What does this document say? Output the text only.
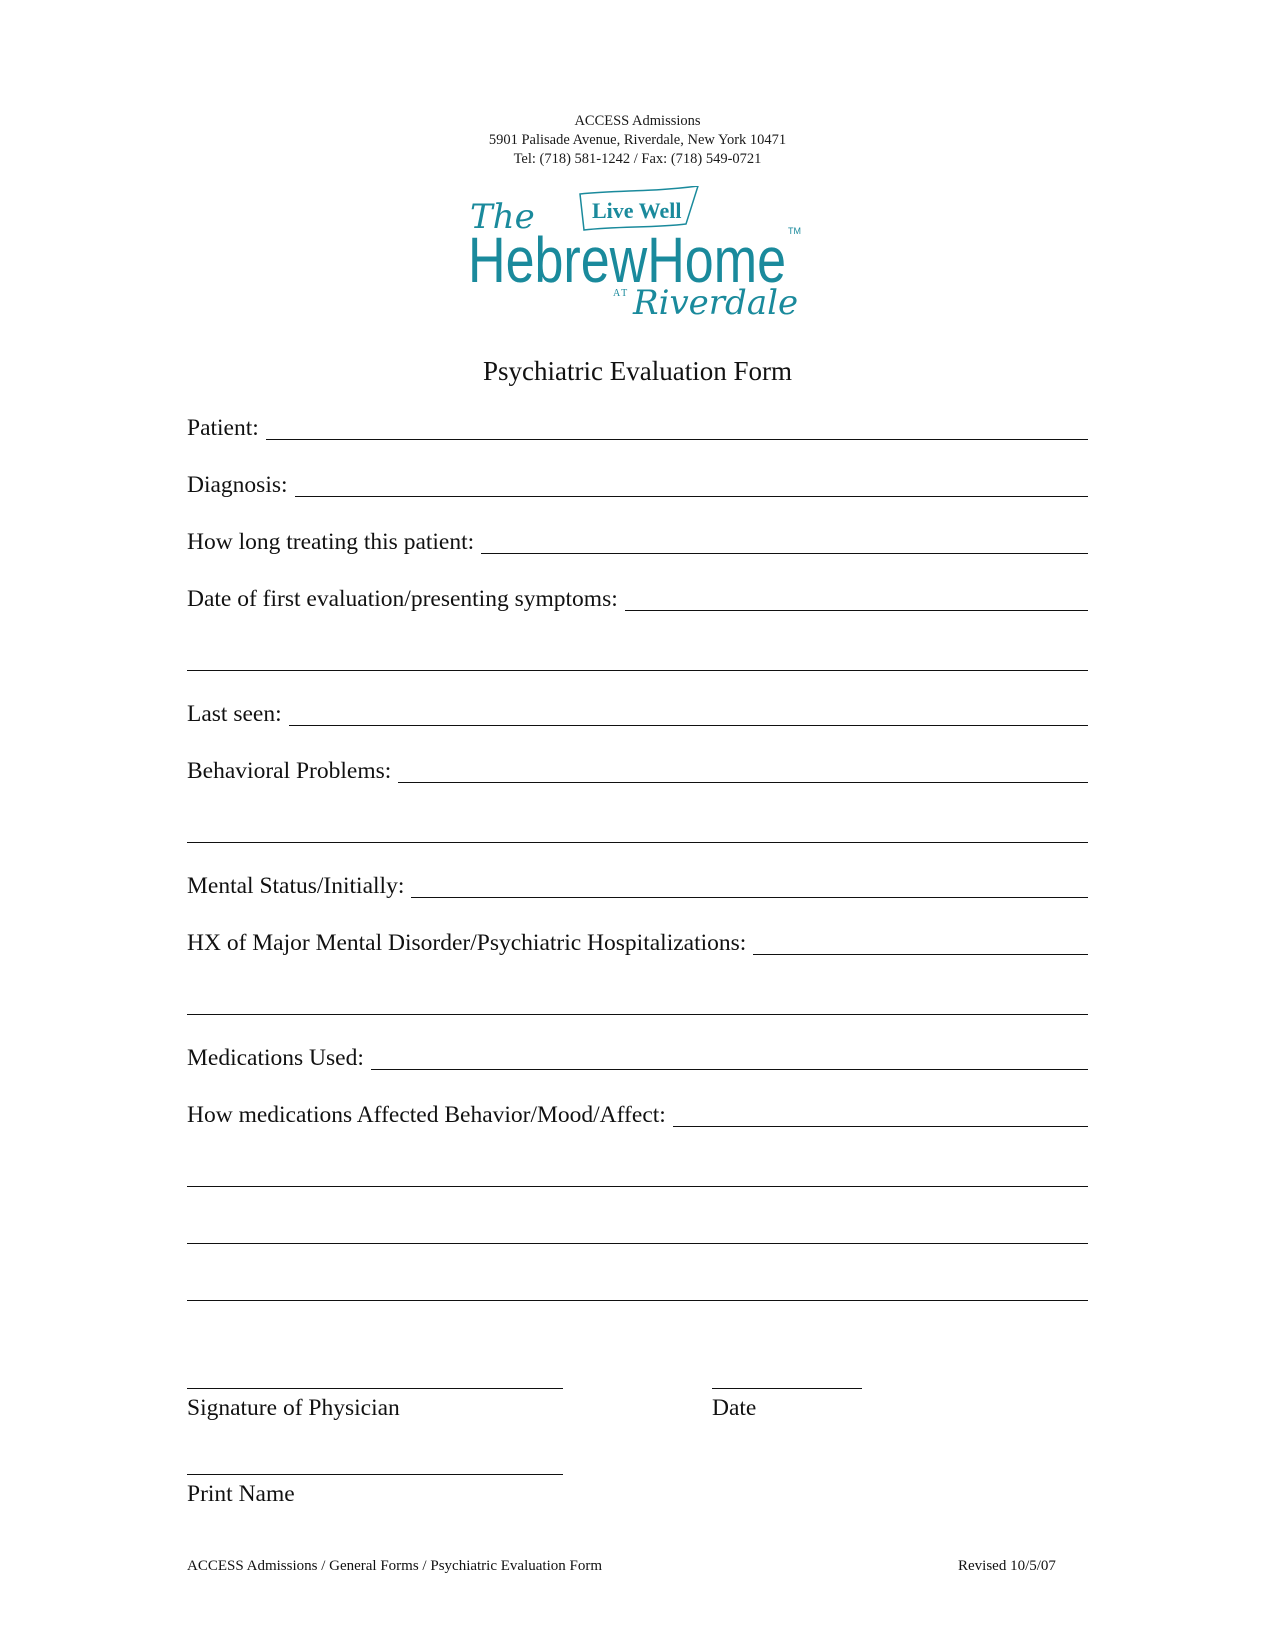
ACCESS Admissions
5901 Palisade Avenue, Riverdale, New York 10471
Tel: (718) 581-1242 / Fax: (718) 549-0721
Live Well
The
HebrewHome TM
AT Riverdale
Psychiatric Evaluation Form
Patient:
Diagnosis:
How long treating this patient:
Date of first evaluation/presenting symptoms:
Last seen:
Behavioral Problems:
Mental Status/Initially:
HX of Major Mental Disorder/Psychiatric Hospitalizations:
Medications Used:
How medications Affected Behavior/Mood/Affect:
Signature of Physician	Date
Print Name
ACCESS Admissions / General Forms / Psychiatric Evaluation Form	Revised 10/5/07
